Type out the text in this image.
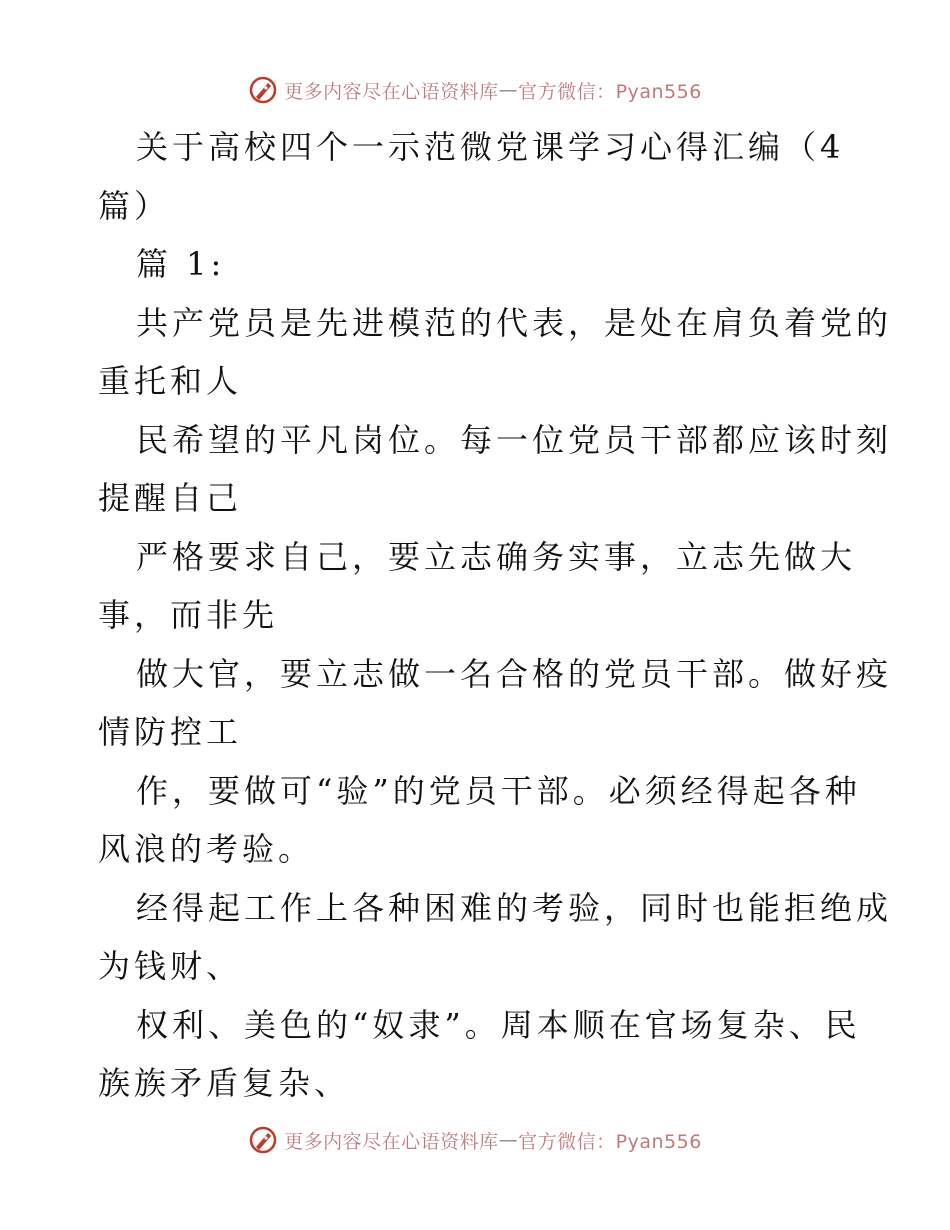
更多内容尽在心语资料库 — 官方微信：Pyan556
关于高校四个一示范微党课学习心得汇编（4
篇）
篇 1:
共产党员是先进模范的代表，是处在肩负着党的
重托和人
民希望的平凡岗位。每一位党员干部都应该时刻
提醒自己
严格要求自己，要立志确务实事，立志先做大
事，而非先
做大官，要立志做一名合格的党员干部。做好疫
情防控工
作，要做可“验”的党员干部。必须经得起各种
风浪的考验。
经得起工作上各种困难的考验，同时也能拒绝成
为钱财、
权利、美色的“奴隶”。周本顺在官场复杂、民
族族矛盾复杂、
更多内容尽在心语资料库 — 官方微信：Pyan556
